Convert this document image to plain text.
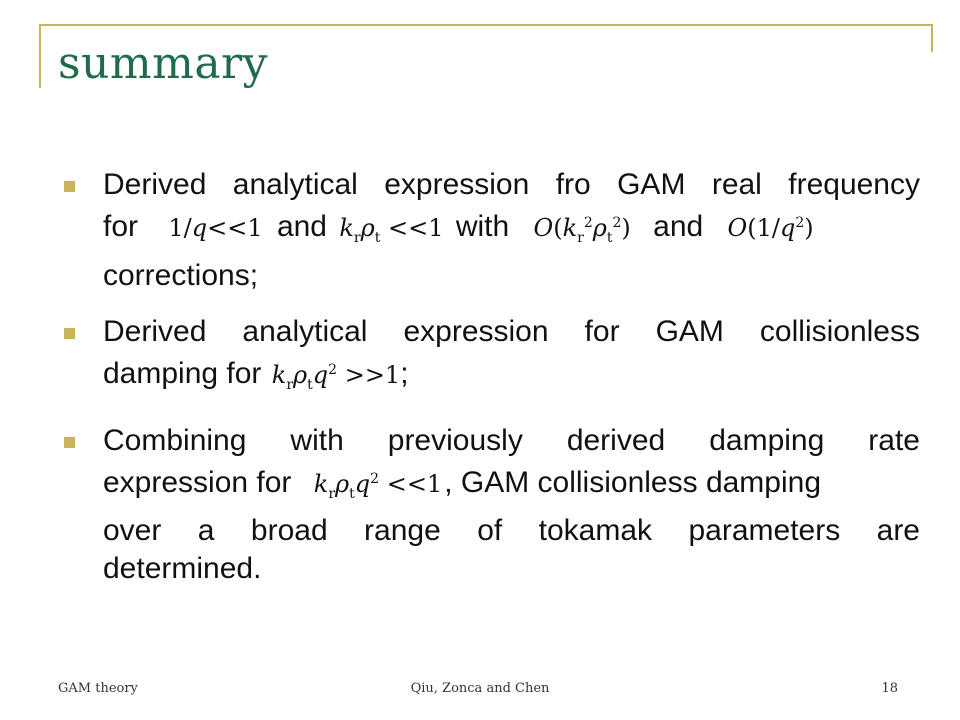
summary
Derived analytical expression fro GAM real frequency
for 1/q<<1 and $k_r\rho_t <<1$ with $O(k_r^2\rho_t^2)$ and $O(1/q^2)$
corrections;
Derived analytical expression for GAM collisionless
damping for $k_r\rho_tq^2 >>1$;
Combining with previously derived damping rate
expression for $k_r\rho_tq^2 <<1$, GAM collisionless damping
over a broad range of tokamak parameters are
determined.
GAM theory	Qiu, Zonca and Chen	18
